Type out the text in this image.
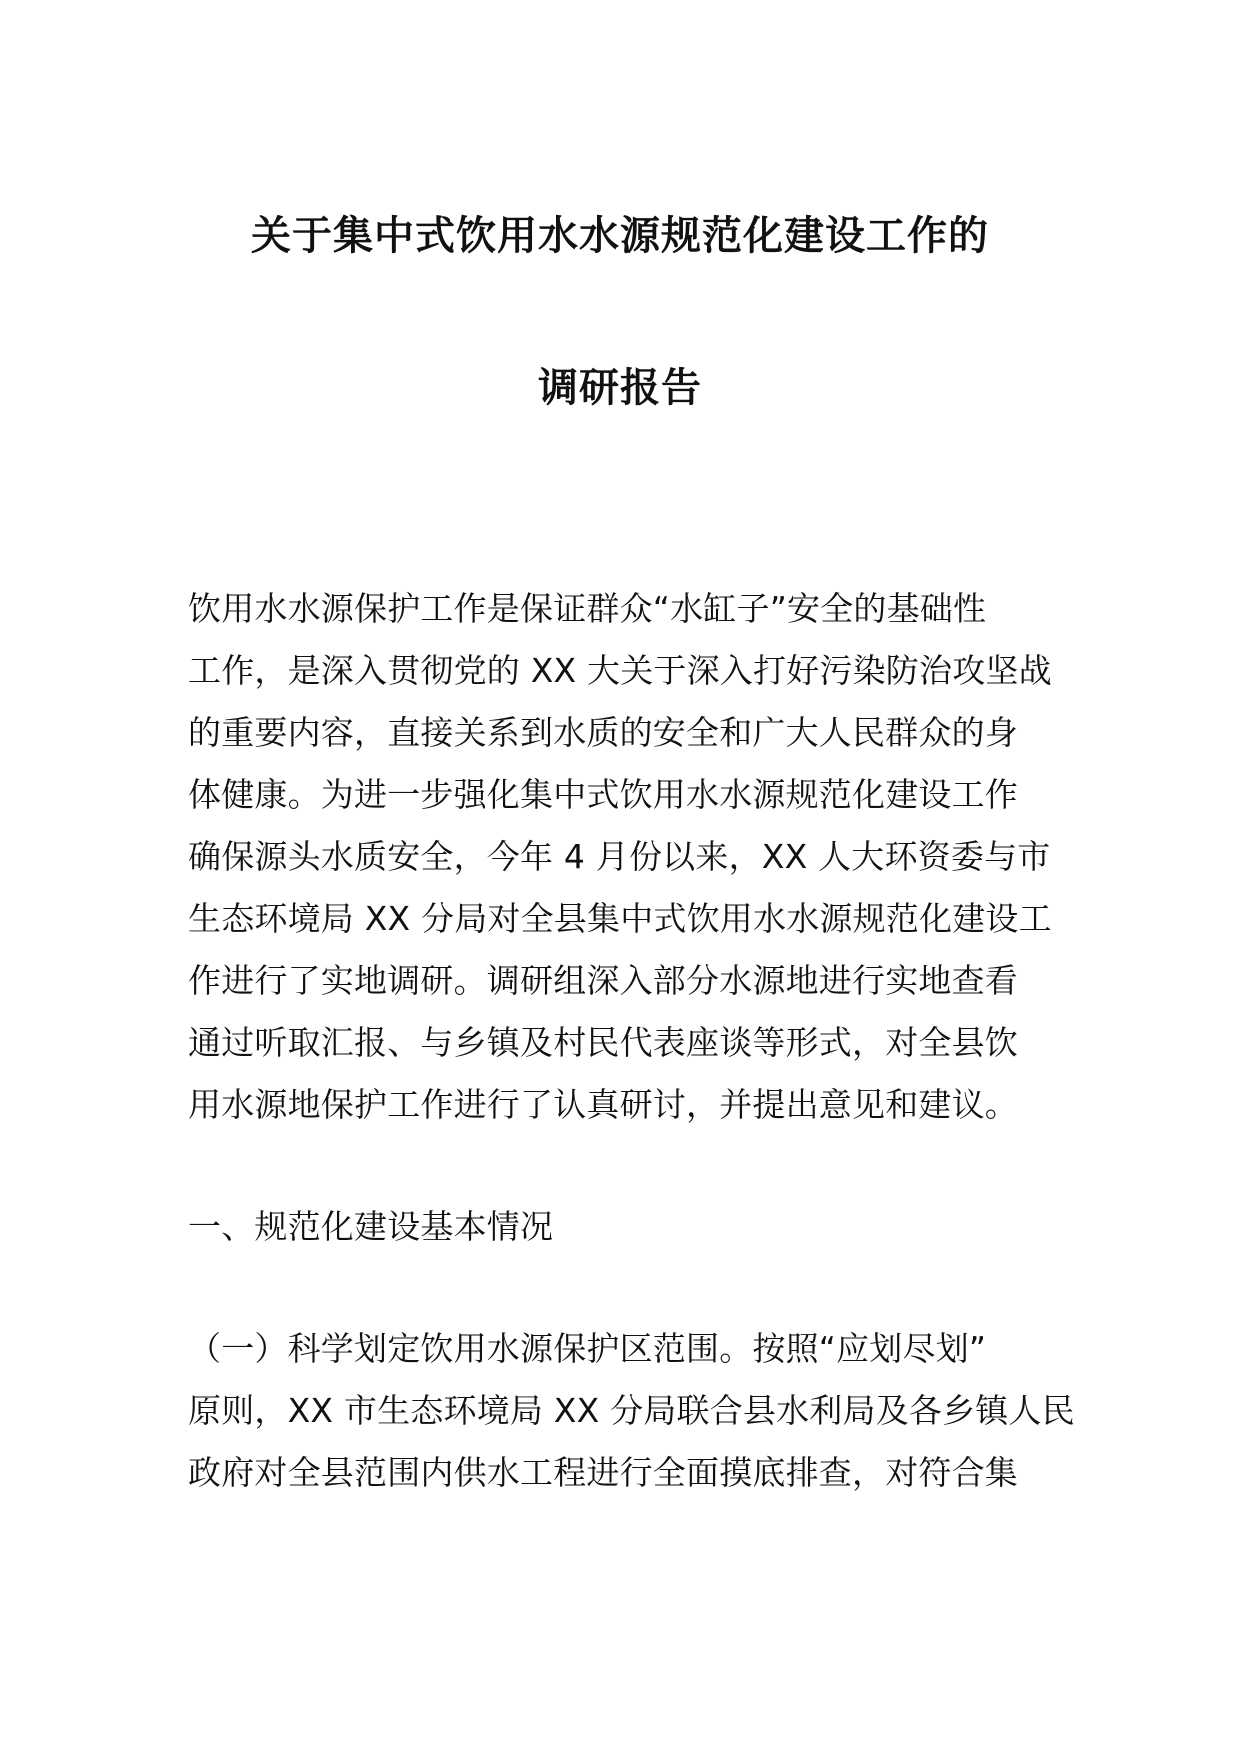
关于集中式饮用水水源规范化建设工作的
调研报告
饮用水水源保护工作是保证群众“水缸子”安全的基础性
工作，是深入贯彻党的 XX 大关于深入打好污染防治攻坚战
的重要内容，直接关系到水质的安全和广大人民群众的身
体健康。为进一步强化集中式饮用水水源规范化建设工作
确保源头水质安全，今年 4 月份以来，XX 人大环资委与市
生态环境局 XX 分局对全县集中式饮用水水源规范化建设工
作进行了实地调研。调研组深入部分水源地进行实地查看
通过听取汇报、与乡镇及村民代表座谈等形式，对全县饮
用水源地保护工作进行了认真研讨，并提出意见和建议。
一、规范化建设基本情况
（一）科学划定饮用水源保护区范围。按照“应划尽划”
原则，XX 市生态环境局 XX 分局联合县水利局及各乡镇人民
政府对全县范围内供水工程进行全面摸底排查，对符合集
